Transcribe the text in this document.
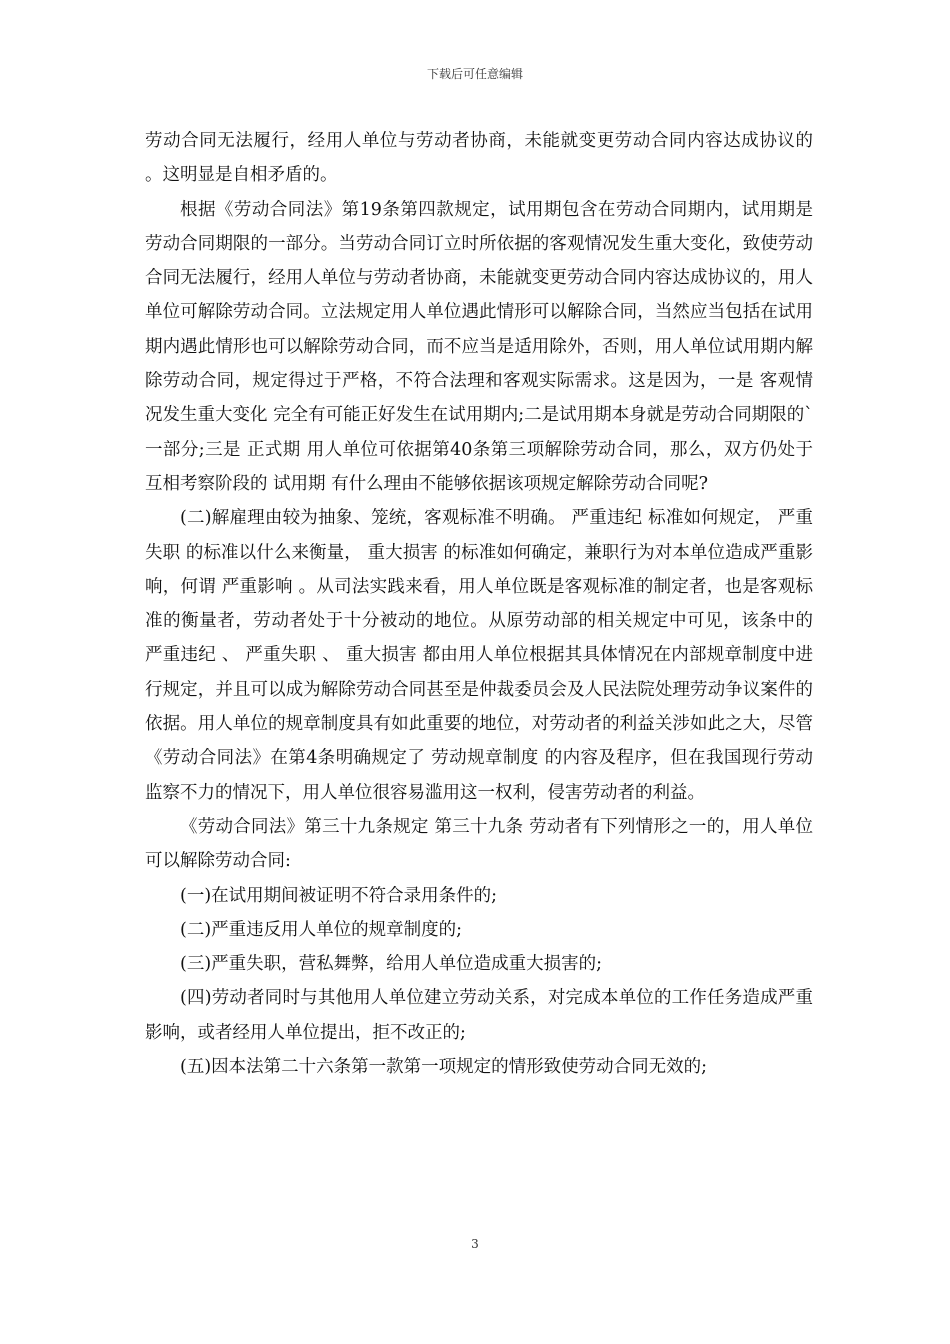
下载后可任意编辑

劳动合同无法履行，经用人单位与劳动者协商，未能就变更劳动合同内容达成协议的 。这明显是自相矛盾的。

根据《劳动合同法》第19条第四款规定，试用期包含在劳动合同期内，试用期是劳动合同期限的一部分。当劳动合同订立时所依据的客观情况发生重大变化，致使劳动合同无法履行，经用人单位与劳动者协商，未能就变更劳动合同内容达成协议的，用人单位可解除劳动合同。立法规定用人单位遇此情形可以解除合同，当然应当包括在试用期内遇此情形也可以解除劳动合同，而不应当是适用除外，否则，用人单位试用期内解除劳动合同，规定得过于严格，不符合法理和客观实际需求。这是因为，一是 客观情况发生重大变化 完全有可能正好发生在试用期内;二是试用期本身就是劳动合同期限的`一部分;三是 正式期 用人单位可依据第40条第三项解除劳动合同，那么，双方仍处于互相考察阶段的 试用期 有什么理由不能够依据该项规定解除劳动合同呢?

(二)解雇理由较为抽象、笼统，客观标准不明确。 严重违纪 标准如何规定， 严重失职 的标准以什么来衡量， 重大损害 的标准如何确定，兼职行为对本单位造成严重影响，何谓 严重影响 。从司法实践来看，用人单位既是客观标准的制定者，也是客观标准的衡量者，劳动者处于十分被动的地位。从原劳动部的相关规定中可见，该条中的 严重违纪 、 严重失职 、 重大损害 都由用人单位根据其具体情况在内部规章制度中进行规定，并且可以成为解除劳动合同甚至是仲裁委员会及人民法院处理劳动争议案件的依据。用人单位的规章制度具有如此重要的地位，对劳动者的利益关涉如此之大，尽管《劳动合同法》在第4条明确规定了 劳动规章制度 的内容及程序，但在我国现行劳动监察不力的情况下，用人单位很容易滥用这一权利，侵害劳动者的利益。

《劳动合同法》第三十九条规定 第三十九条 劳动者有下列情形之一的，用人单位可以解除劳动合同:

(一)在试用期间被证明不符合录用条件的;

(二)严重违反用人单位的规章制度的;

(三)严重失职，营私舞弊，给用人单位造成重大损害的;

(四)劳动者同时与其他用人单位建立劳动关系，对完成本单位的工作任务造成严重影响，或者经用人单位提出，拒不改正的;

(五)因本法第二十六条第一款第一项规定的情形致使劳动合同无效的;

3
